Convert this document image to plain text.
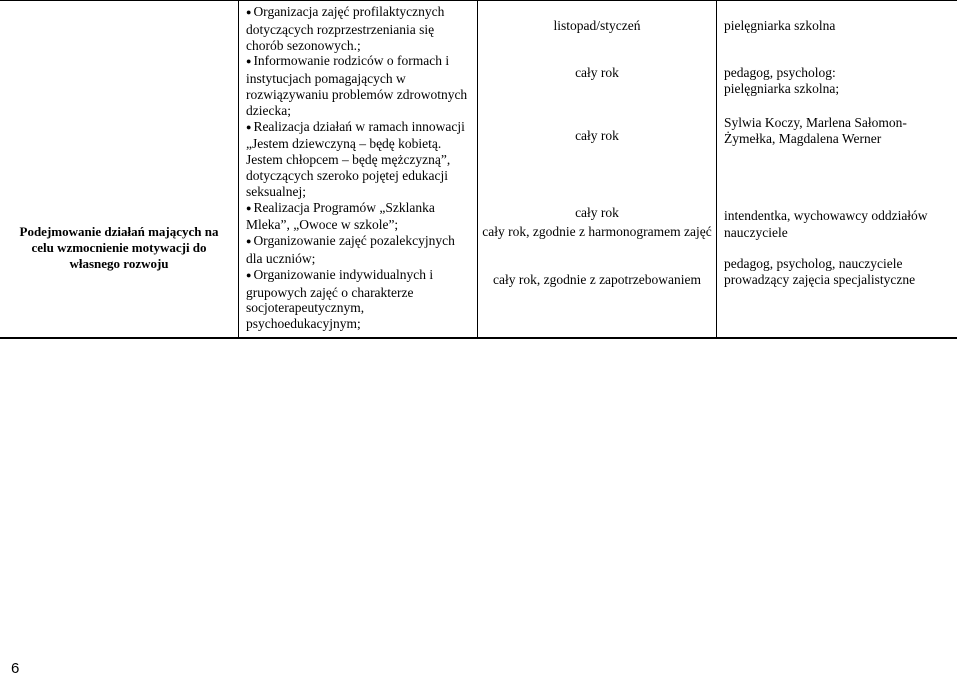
Podejmowanie działań mających na celu wzmocnienie motywacji do własnego rozwoju

● Organizacja zajęć profilaktycznych dotyczących rozprzestrzeniania się chorób sezonowych.;

● Informowanie rodziców o formach i instytucjach pomagających w rozwiązywaniu problemów zdrowotnych dziecka;

● Realizacja działań w ramach innowacji „Jestem dziewczyną – będę kobietą. Jestem chłopcem – będę mężczyzną”, dotyczących szeroko pojętej edukacji seksualnej;

● Realizacja Programów „Szklanka Mleka”, „Owoce w szkole”;

● Organizowanie zajęć pozalekcyjnych dla uczniów;

● Organizowanie indywidualnych i grupowych zajęć o charakterze socjoterapeutycznym, psychoedukacyjnym;

listopad/styczeń
cały rok
cały rok
cały rok
cały rok, zgodnie z harmonogramem zajęć
cały rok, zgodnie z zapotrzebowaniem
pielęgniarka szkolna
pedagog, psycholog: pielęgniarka szkolna;
Sylwia Koczy, Marlena Sałomon-Żymełka, Magdalena Werner
intendentka, wychowawcy oddziałów
nauczyciele
pedagog, psycholog, nauczyciele prowadzący zajęcia specjalistyczne
6
